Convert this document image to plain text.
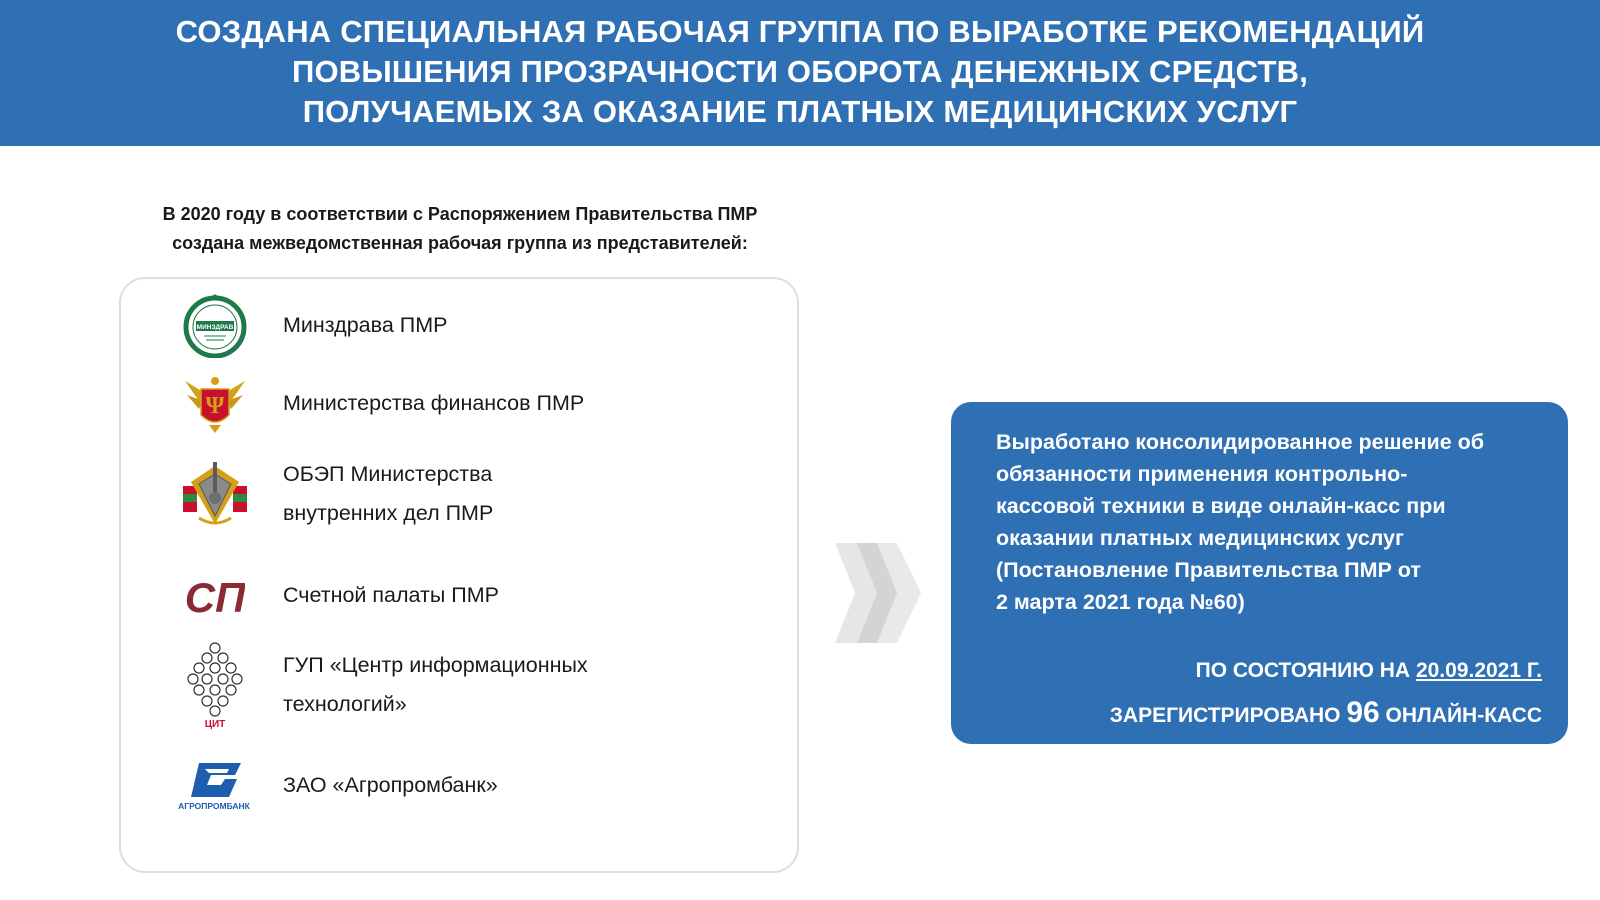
СОЗДАНА СПЕЦИАЛЬНАЯ РАБОЧАЯ ГРУППА ПО ВЫРАБОТКЕ РЕКОМЕНДАЦИЙ
ПОВЫШЕНИЯ ПРОЗРАЧНОСТИ ОБОРОТА ДЕНЕЖНЫХ СРЕДСТВ,
ПОЛУЧАЕМЫХ ЗА ОКАЗАНИЕ ПЛАТНЫХ МЕДИЦИНСКИХ УСЛУГ
В 2020 году в соответствии с Распоряжением Правительства ПМР
создана межведомственная рабочая группа из представителей:
МИНЗДРАВ Минздрава ПМР
Ψ	Министерства финансов ПМР
ОБЭП Министерства
внутренних дел ПМР
СП Счетной палаты ПМР
ЦИТ
ГУП «Центр информационных
технологий»
АГРОПРОМБАНК
ЗАО «Агропромбанк»
Выработано консолидированное решение об
обязанности применения контрольно-
кассовой техники в виде онлайн-касс при
оказании платных медицинских услуг
(Постановление Правительства ПМР от
2 марта 2021 года №60)
ПО СОСТОЯНИЮ НА 20.09.2021 Г.
ЗАРЕГИСТРИРОВАНО 96 ОНЛАЙН-КАСС
